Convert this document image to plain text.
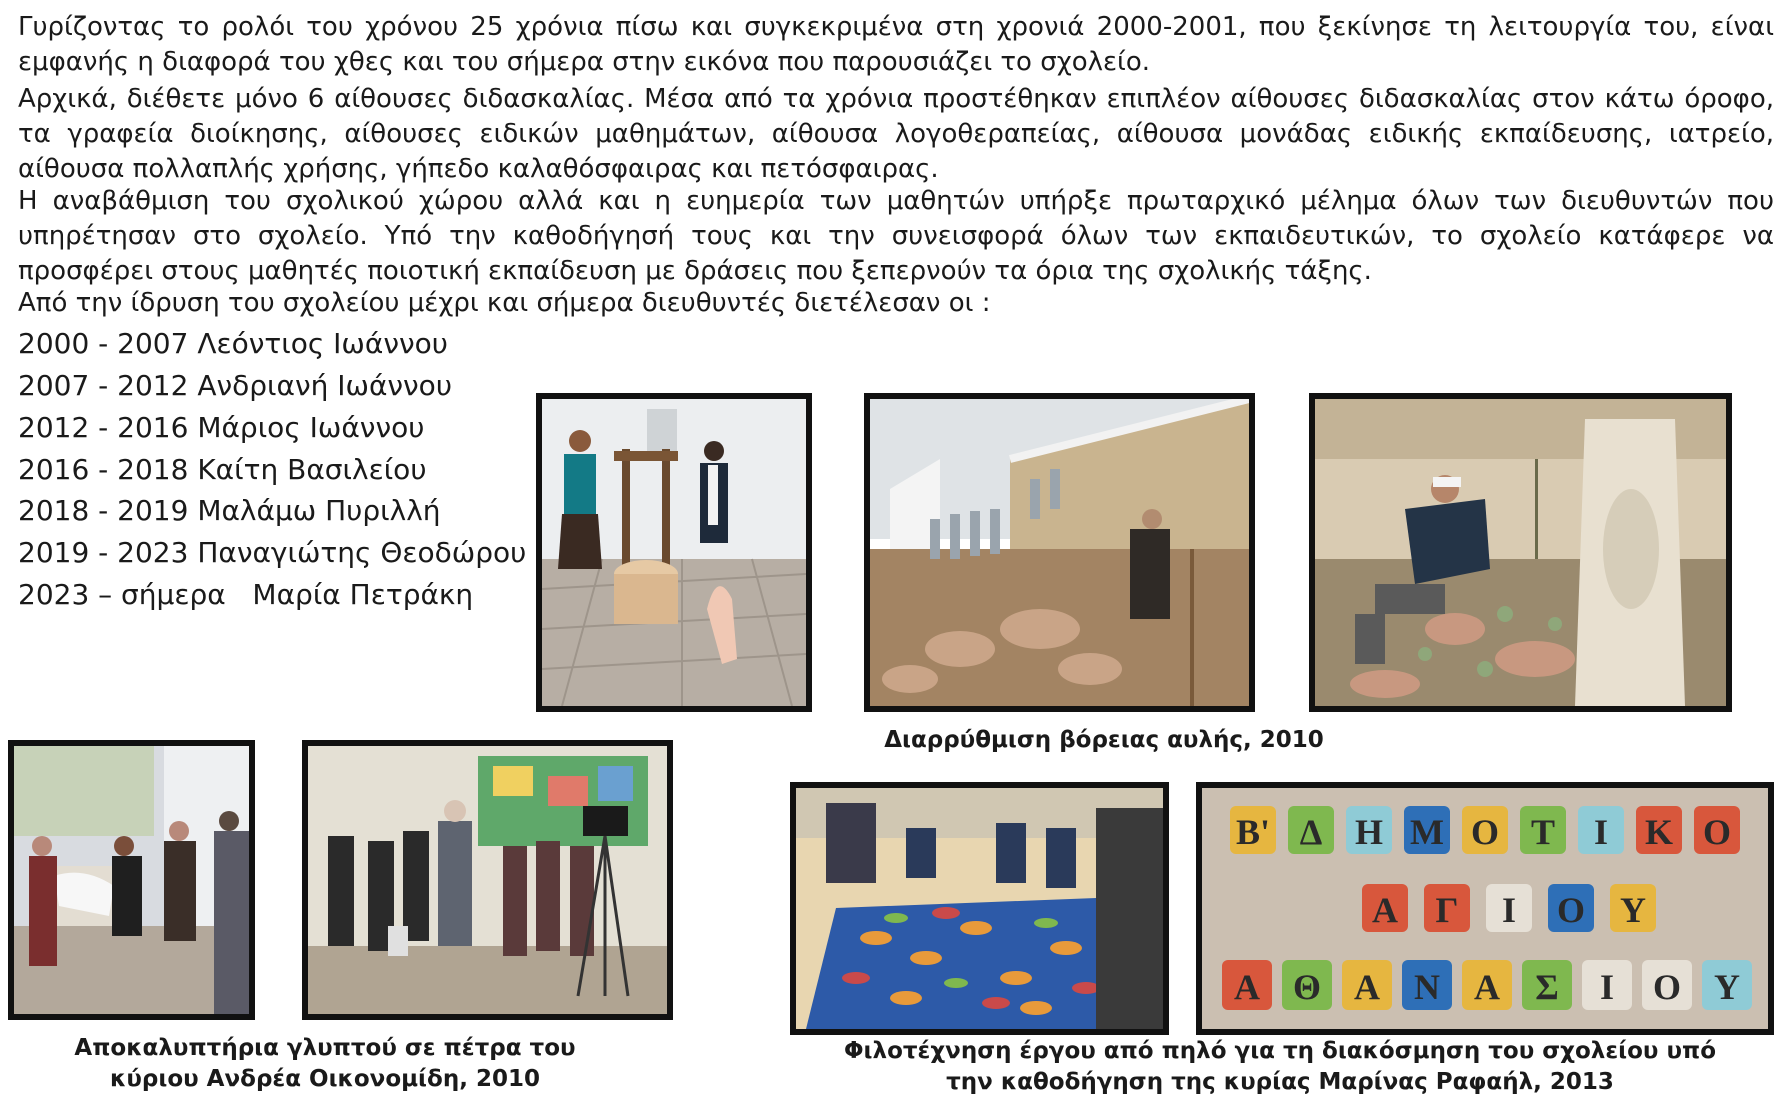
Γυρίζοντας το ρολόι του χρόνου 25 χρόνια πίσω και συγκεκριμένα στη χρονιά 2000-2001, που ξεκίνησε τη λειτουργία του, είναι εμφανής η διαφορά του χθες και του σήμερα στην εικόνα που παρουσιάζει το σχολείο.

Αρχικά, διέθετε μόνο 6 αίθουσες διδασκαλίας. Μέσα από τα χρόνια προστέθηκαν επιπλέον αίθουσες διδασκαλίας στον κάτω όροφο, τα γραφεία διοίκησης, αίθουσες ειδικών μαθημάτων, αίθουσα λογοθεραπείας, αίθουσα μονάδας ειδικής εκπαίδευσης, ιατρείο, αίθουσα πολλαπλής χρήσης, γήπεδο καλαθόσφαιρας και πετόσφαιρας.

Η αναβάθμιση του σχολικού χώρου αλλά και η ευημερία των μαθητών υπήρξε πρωταρχικό μέλημα όλων των διευθυντών που υπηρέτησαν στο σχολείο. Υπό την καθοδήγησή τους και την συνεισφορά όλων των εκπαιδευτικών, το σχολείο κατάφερε να προσφέρει στους μαθητές ποιοτική εκπαίδευση με δράσεις που ξεπερνούν τα όρια της σχολικής τάξης.

Από την ίδρυση του σχολείου μέχρι και σήμερα διευθυντές διετέλεσαν οι :

2000 - 2007 Λεόντιος Ιωάννου

2007 - 2012 Ανδριανή Ιωάννου

2012 - 2016 Μάριος Ιωάννου

2016 - 2018 Καίτη Βασιλείου

2018 - 2019 Μαλάμω Πυριλλή

2019 - 2023 Παναγιώτης Θεοδώρου

2023 – σήμερα   Μαρία Πετράκη

Β' Δ Η Μ Ο Τ Ι Κ Ο
Α Γ Ι Ο Υ
Α Θ Α Ν Α Σ Ι Ο Υ

Διαρρύθμιση βόρειας αυλής, 2010

Αποκαλυπτήρια γλυπτού σε πέτρα του

κύριου Ανδρέα Οικονομίδη, 2010

Φιλοτέχνηση έργου από πηλό για τη διακόσμηση του σχολείου υπό

την καθοδήγηση της κυρίας Μαρίνας Ραφαήλ, 2013
